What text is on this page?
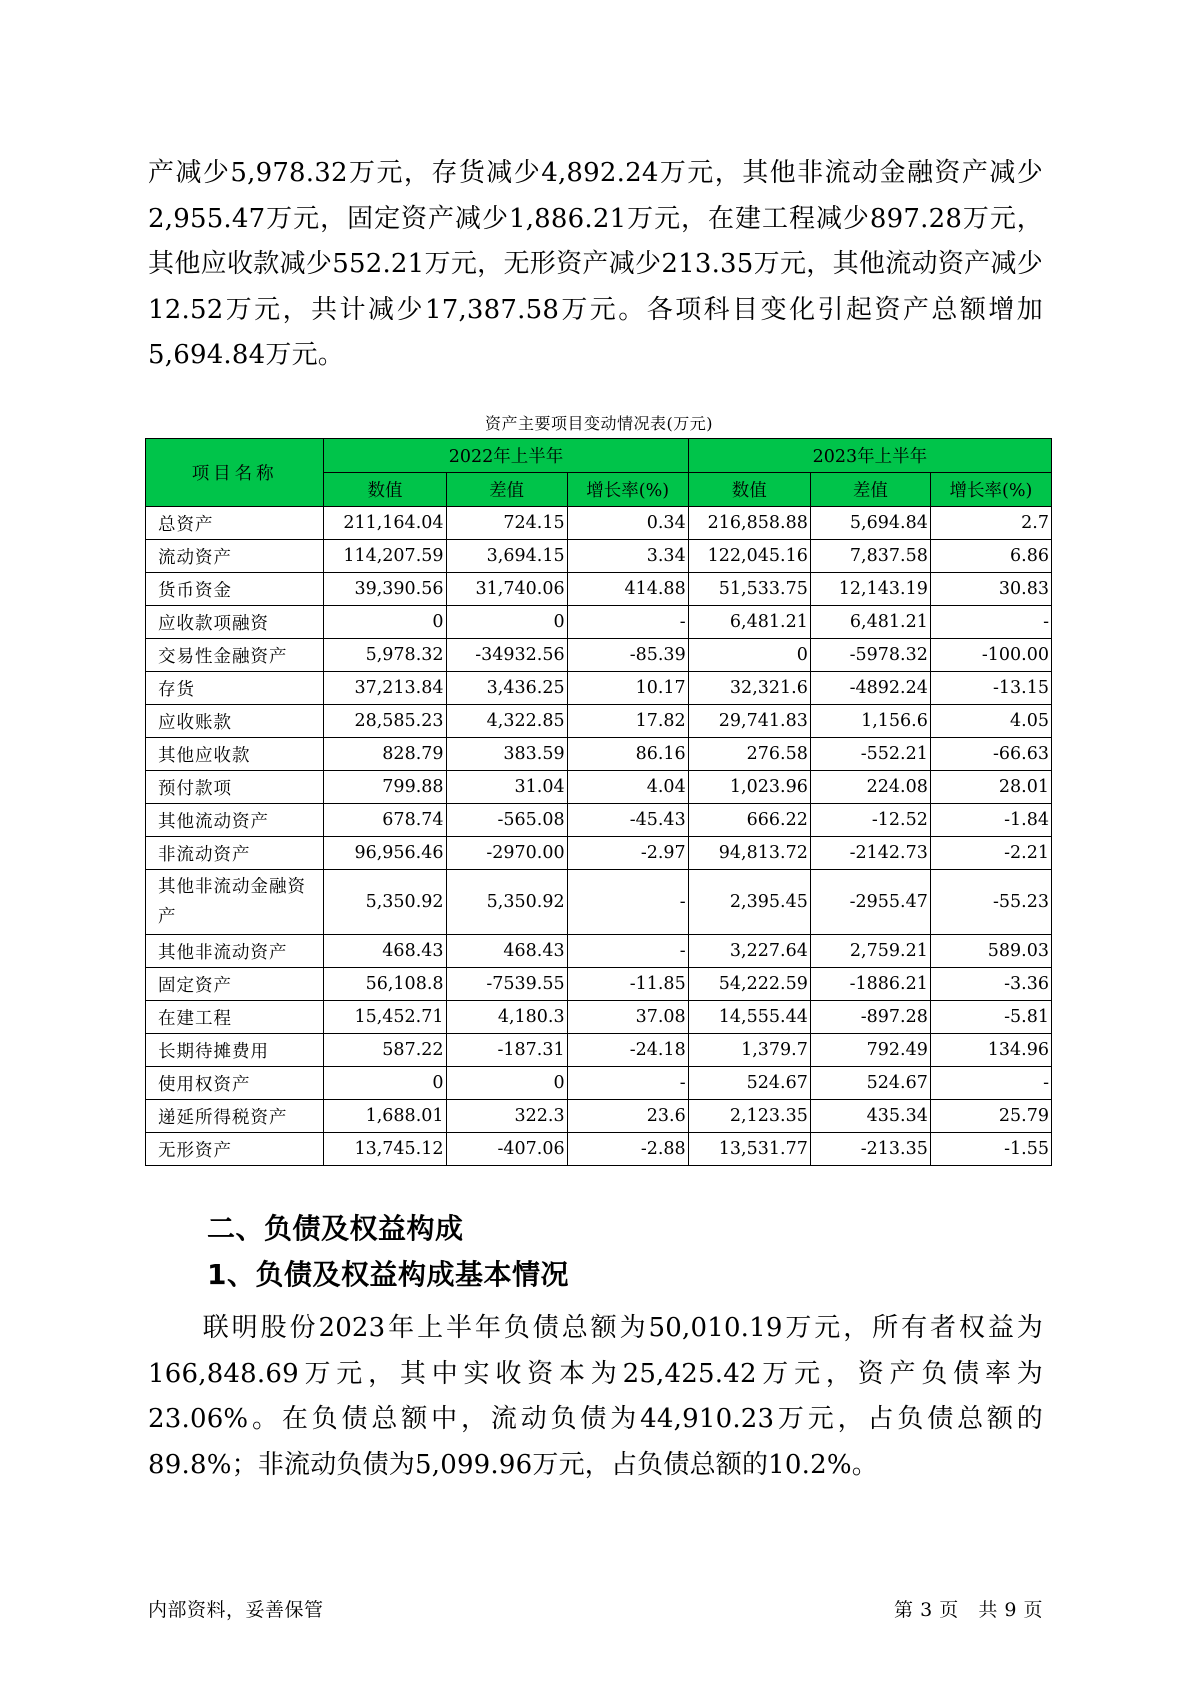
产减少5,978.32万元，存货减少4,892.24万元，其他非流动金融资产减少2,955.47万元，固定资产减少1,886.21万元，在建工程减少897.28万元，其他应收款减少552.21万元，无形资产减少213.35万元，其他流动资产减少12.52万元，共计减少17,387.58万元。各项科目变化引起资产总额增加5,694.84万元。

资产主要项目变动情况表(万元)
项目名称	2022年上半年			2023年上半年		
	数值	差值	增长率(%)	数值	差值	增长率(%)
总资产	211,164.04	724.15	0.34	216,858.88	5,694.84	2.7
流动资产	114,207.59	3,694.15	3.34	122,045.16	7,837.58	6.86
货币资金	39,390.56	31,740.06	414.88	51,533.75	12,143.19	30.83
应收款项融资	0	0	-	6,481.21	6,481.21	-
交易性金融资产	5,978.32	-34932.56	-85.39	0	-5978.32	-100.00
存货	37,213.84	3,436.25	10.17	32,321.6	-4892.24	-13.15
应收账款	28,585.23	4,322.85	17.82	29,741.83	1,156.6	4.05
其他应收款	828.79	383.59	86.16	276.58	-552.21	-66.63
预付款项	799.88	31.04	4.04	1,023.96	224.08	28.01
其他流动资产	678.74	-565.08	-45.43	666.22	-12.52	-1.84
非流动资产	96,956.46	-2970.00	-2.97	94,813.72	-2142.73	-2.21
其他非流动金融资产	5,350.92	5,350.92	-	2,395.45	-2955.47	-55.23
其他非流动资产	468.43	468.43	-	3,227.64	2,759.21	589.03
固定资产	56,108.8	-7539.55	-11.85	54,222.59	-1886.21	-3.36
在建工程	15,452.71	4,180.3	37.08	14,555.44	-897.28	-5.81
长期待摊费用	587.22	-187.31	-24.18	1,379.7	792.49	134.96
使用权资产	0	0	-	524.67	524.67	-
递延所得税资产	1,688.01	322.3	23.6	2,123.35	435.34	25.79
无形资产	13,745.12	-407.06	-2.88	13,531.77	-213.35	-1.55
二、负债及权益构成
1、负债及权益构成基本情况

联明股份2023年上半年负债总额为50,010.19万元，所有者权益为166,848.69万元，其中实收资本为25,425.42万元，资产负债率为23.06%。在负债总额中，流动负债为44,910.23万元，占负债总额的89.8%；非流动负债为5,099.96万元，占负债总额的10.2%。

内部资料，妥善保管	第 3 页   共 9 页
